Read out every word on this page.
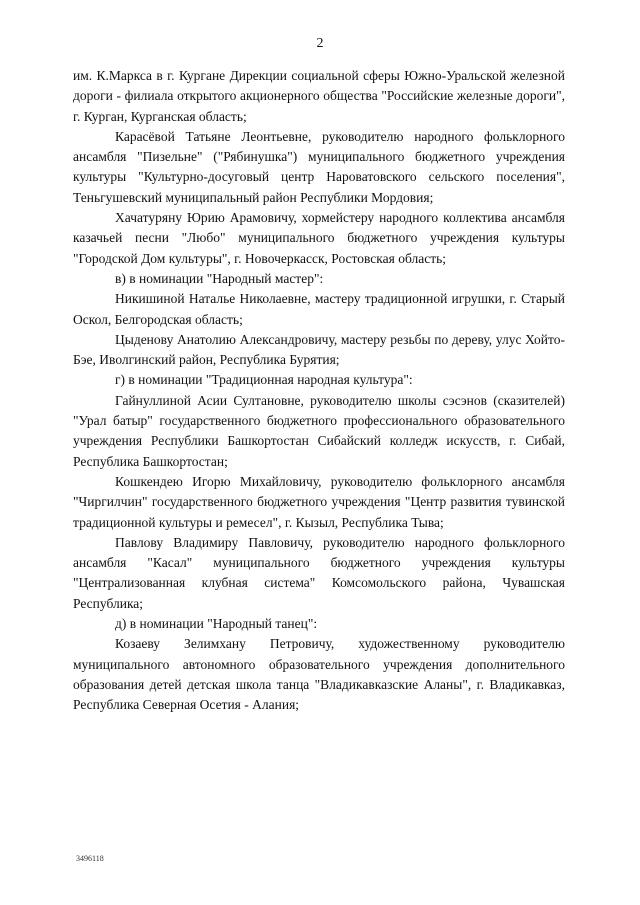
2

им. К.Маркса в г. Кургане Дирекции социальной сферы Южно-Уральской железной дороги - филиала открытого акционерного общества "Российские железные дороги", г. Курган, Курганская область;

Карасёвой Татьяне Леонтьевне, руководителю народного фольклорного ансамбля "Пизельне" ("Рябинушка") муниципального бюджетного учреждения культуры "Культурно-досуговый центр Нароватовского сельского поселения", Теньгушевский муниципальный район Республики Мордовия;

Хачатуряну Юрию Арамовичу, хормейстеру народного коллектива ансамбля казачьей песни "Любо" муниципального бюджетного учреждения культуры "Городской Дом культуры", г. Новочеркасск, Ростовская область;

в) в номинации "Народный мастер":

Никишиной Наталье Николаевне, мастеру традиционной игрушки, г. Старый Оскол, Белгородская область;

Цыденову Анатолию Александровичу, мастеру резьбы по дереву, улус Хойто-Бэе, Иволгинский район, Республика Бурятия;

г) в номинации "Традиционная народная культура":

Гайнуллиной Асии Султановне, руководителю школы сэсэнов (сказителей) "Урал батыр" государственного бюджетного профессионального образовательного учреждения Республики Башкортостан Сибайский колледж искусств, г. Сибай, Республика Башкортостан;

Кошкендею Игорю Михайловичу, руководителю фольклорного ансамбля "Чиргилчин" государственного бюджетного учреждения "Центр развития тувинской традиционной культуры и ремесел", г. Кызыл, Республика Тыва;

Павлову Владимиру Павловичу, руководителю народного фольклорного ансамбля "Касал" муниципального бюджетного учреждения культуры "Централизованная клубная система" Комсомольского района, Чувашская Республика;

д) в номинации "Народный танец":

Козаеву Зелимхану Петровичу, художественному руководителю муниципального автономного образовательного учреждения дополнительного образования детей детская школа танца "Владикавказские Аланы", г. Владикавказ, Республика Северная Осетия - Алания;

3496118
